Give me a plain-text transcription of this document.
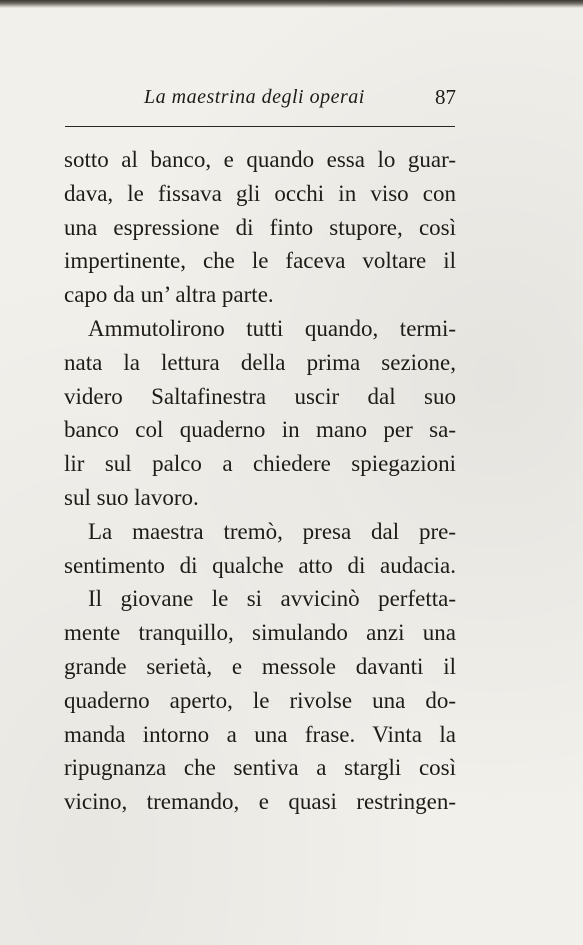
La maestrina degli operai	87
sotto al banco, e quando essa lo guar-
dava, le fissava gli occhi in viso con
una espressione di finto stupore, così
impertinente, che le faceva voltare il
capo da un’ altra parte.
Ammutolirono tutti quando, termi-
nata la lettura della prima sezione,
videro Saltafinestra uscir dal suo
banco col quaderno in mano per sa-
lir sul palco a chiedere spiegazioni
sul suo lavoro.
La maestra tremò, presa dal pre-
sentimento di qualche atto di audacia.
Il giovane le si avvicinò perfetta-
mente tranquillo, simulando anzi una
grande serietà, e messole davanti il
quaderno aperto, le rivolse una do-
manda intorno a una frase. Vinta la
ripugnanza che sentiva a stargli così
vicino, tremando, e quasi restringen-
